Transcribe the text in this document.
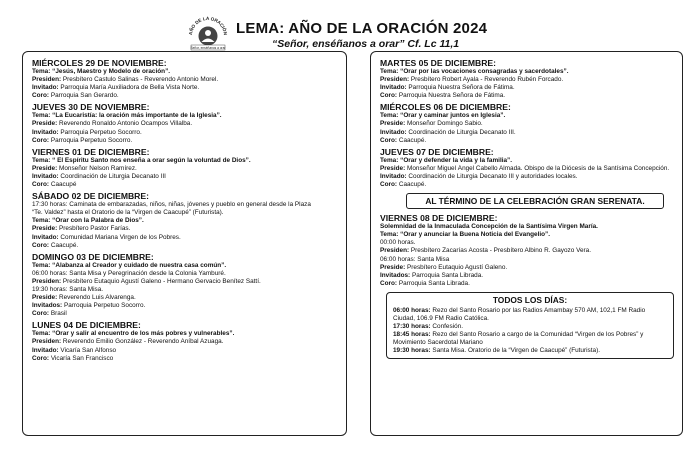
AÑO DE LA ORACIÓN
Señor, enséñanos a orar
LEMA: AÑO DE LA ORACIÓN 2024
“Señor, enséñanos a orar” Cf. Lc 11,1
MIÉRCOLES 29 DE NOVIEMBRE:
Tema: “Jesús, Maestro y Modelo de oración”.
Presiden: Presbítero Castulo Salinas - Reverendo Antonio Morel.
Invitado: Parroquia María Auxiliadora de Bella Vista Norte.
Coro: Parroquia San Gerardo.
JUEVES 30 DE NOVIEMBRE:
Tema: “La Eucaristía: la oración más importante de la Iglesia”.
Preside: Reverendo Ronaldo Antonio Ocampos Villalba.
Invitado: Parroquia Perpetuo Socorro.
Coro: Parroquia Perpetuo Socorro.
VIERNES 01 DE DICIEMBRE:
Tema: “ El Espíritu Santo nos enseña a orar según la voluntad de Dios”.
Preside: Monseñor Nelson Ramírez.
Invitado: Coordinación de Liturgia Decanato III
Coro: Caacupé
SÁBADO 02 DE DICIEMBRE:
17:30 horas: Caminata de embarazadas, niños, niñas, jóvenes y pueblo en general desde la Plaza
“Te. Valdez” hasta el Oratorio de la “Virgen de Caacupé” (Futurista).
Tema: “Orar con la Palabra de Dios”.
Preside: Presbítero Pastor Farías.
Invitado: Comunidad Mariana Virgen de los Pobres.
Coro: Caacupé.
DOMINGO 03 DE DICIEMBRE:
Tema: “Alabanza al Creador y cuidado de nuestra casa común”.
06:00 horas: Santa Misa y Peregrinación desde la Colonia Yamburé.
Presiden: Presbítero Eutaquio Agustí Galeno - Hermano Gervacio Benítez Sattí.
19:30 horas: Santa Misa.
Preside: Reverendo Luis Alvarenga.
Invitados: Parroquia Perpetuo Socorro.
Coro: Brasil
LUNES 04 DE DICIEMBRE:
Tema: “Orar y salir al encuentro de los más pobres y vulnerables”.
Presiden: Reverendo Emilio González - Reverendo Aníbal Azuaga.
Invitado: Vicaría San Alfonso
Coro: Vicaría San Francisco
MARTES 05 DE DICIEMBRE:
Tema: “Orar por las vocaciones consagradas y sacerdotales”.
Presiden: Presbítero Robert Ayala - Reverendo Rubén Forcado.
Invitado: Parroquia Nuestra Señora de Fátima.
Coro: Parroquia Nuestra Señora de Fátima.
MIÉRCOLES 06 DE DICIEMBRE:
Tema: “Orar y caminar juntos en Iglesia”.
Preside: Monseñor Domingo Sabio.
Invitado: Coordinación de Liturgia Decanato III.
Coro: Caacupé.
JUEVES 07 DE DICIEMBRE:
Tema: “Orar y defender la vida y la familia”.
Preside: Monseñor Miguel Ángel Cabello Almada. Obispo de la Diócesis de la Santísima Concepción.
Invitado: Coordinación de Liturgia Decanato III y autoridades locales.
Coro: Caacupé.
AL TÉRMINO DE LA CELEBRACIÓN GRAN SERENATA.
VIERNES 08 DE DICIEMBRE:
Solemnidad de la Inmaculada Concepción de la Santísima Virgen María.
Tema: “Orar y anunciar la Buena Noticia del Evangelio”.
00:00 horas.
Presiden: Presbítero Zacarías Acosta - Presbítero Albino R. Gayozo Vera.
06:00 horas: Santa Misa
Preside: Presbítero Eutaquio Agustí Galeno.
Invitados: Parroquia Santa Librada.
Coro: Parroquia Santa Librada.
TODOS LOS DÍAS:
06:00 horas: Rezo del Santo Rosario por las Radios Amambay 570 AM, 102,1 FM Radio Ciudad, 106.9 FM Radio Católica.
17:30 horas: Confesión.
18:45 horas: Rezo del Santo Rosario a cargo de la Comunidad “Virgen de los Pobres” y Movimiento Sacerdotal Mariano
19:30 horas: Santa Misa. Oratorio de la “Virgen de Caacupé” (Futurista).
